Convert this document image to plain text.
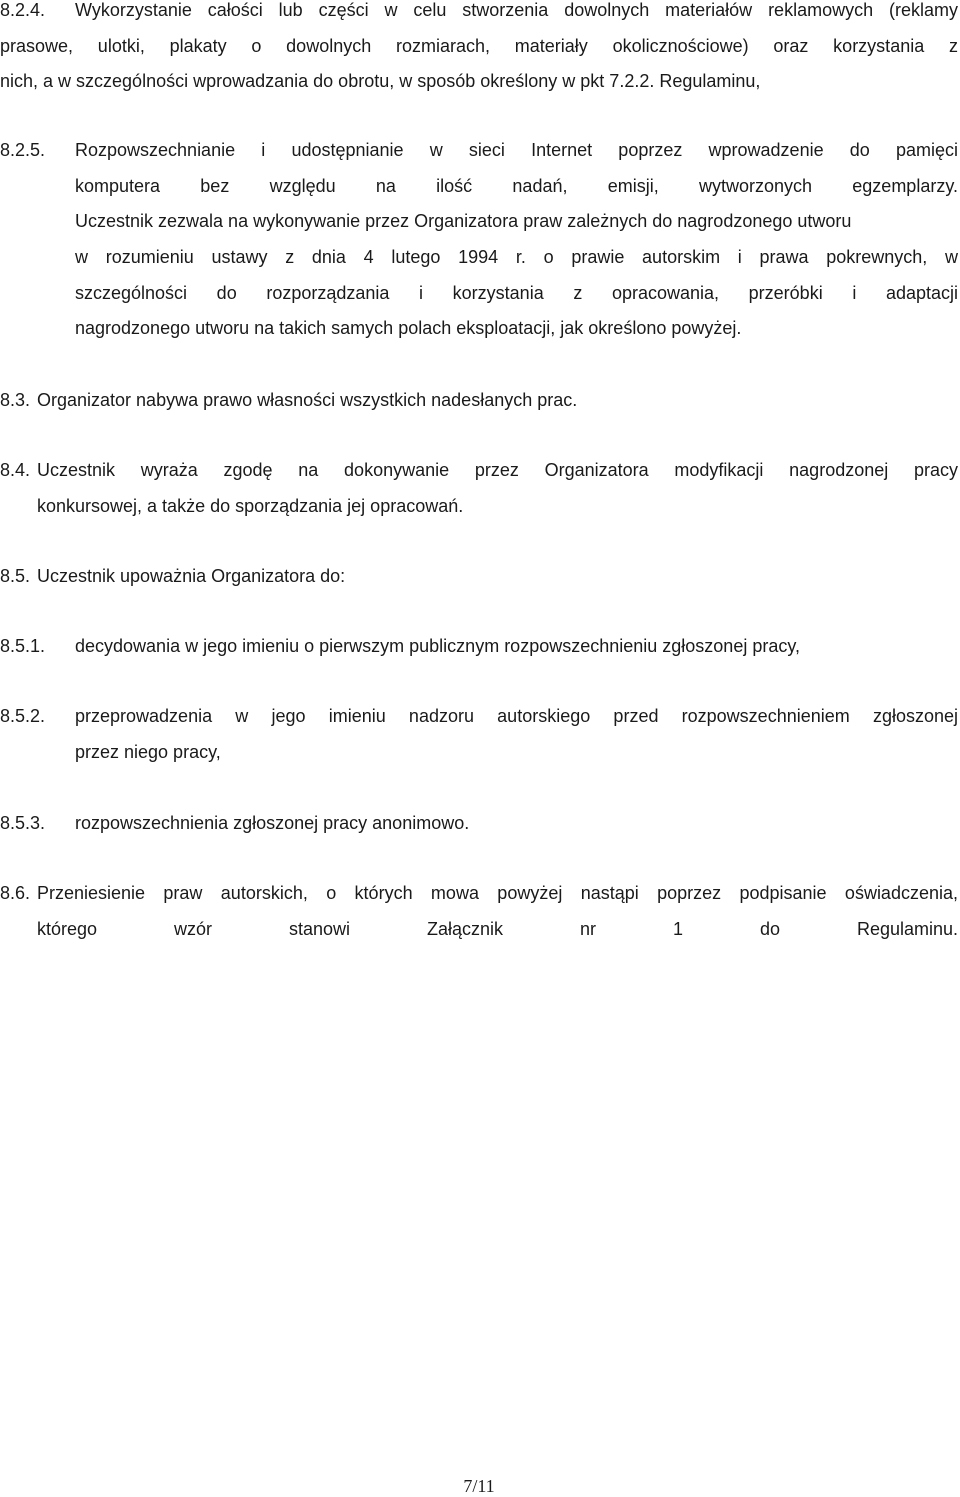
8.2.4. Wykorzystanie całości lub części w celu stworzenia dowolnych materiałów reklamowych (reklamy
prasowe, ulotki, plakaty o dowolnych rozmiarach, materiały okolicznościowe) oraz korzystania z
nich, a w szczególności wprowadzania do obrotu, w sposób określony w pkt 7.2.2. Regulaminu,
8.2.5. Rozpowszechnianie i udostępnianie w sieci Internet poprzez wprowadzenie do pamięci
komputera bez względu na ilość nadań, emisji, wytworzonych egzemplarzy.
Uczestnik zezwala na wykonywanie przez Organizatora praw zależnych do nagrodzonego utworu
w rozumieniu ustawy z dnia 4 lutego 1994 r. o prawie autorskim i prawa pokrewnych, w
szczególności do rozporządzania i korzystania z opracowania, przeróbki i adaptacji
nagrodzonego utworu na takich samych polach eksploatacji, jak określono powyżej.
8.3. Organizator nabywa prawo własności wszystkich nadesłanych prac.
8.4. Uczestnik wyraża zgodę na dokonywanie przez Organizatora modyfikacji nagrodzonej pracy
konkursowej, a także do sporządzania jej opracowań.
8.5. Uczestnik upoważnia Organizatora do:
8.5.1. decydowania w jego imieniu o pierwszym publicznym rozpowszechnieniu zgłoszonej pracy,
8.5.2. przeprowadzenia w jego imieniu nadzoru autorskiego przed rozpowszechnieniem zgłoszonej
przez niego pracy,
8.5.3. rozpowszechnienia zgłoszonej pracy anonimowo.
8.6. Przeniesienie praw autorskich, o których mowa powyżej nastąpi poprzez podpisanie oświadczenia,
którego wzór stanowi Załącznik nr 1 do Regulaminu.
7/11
